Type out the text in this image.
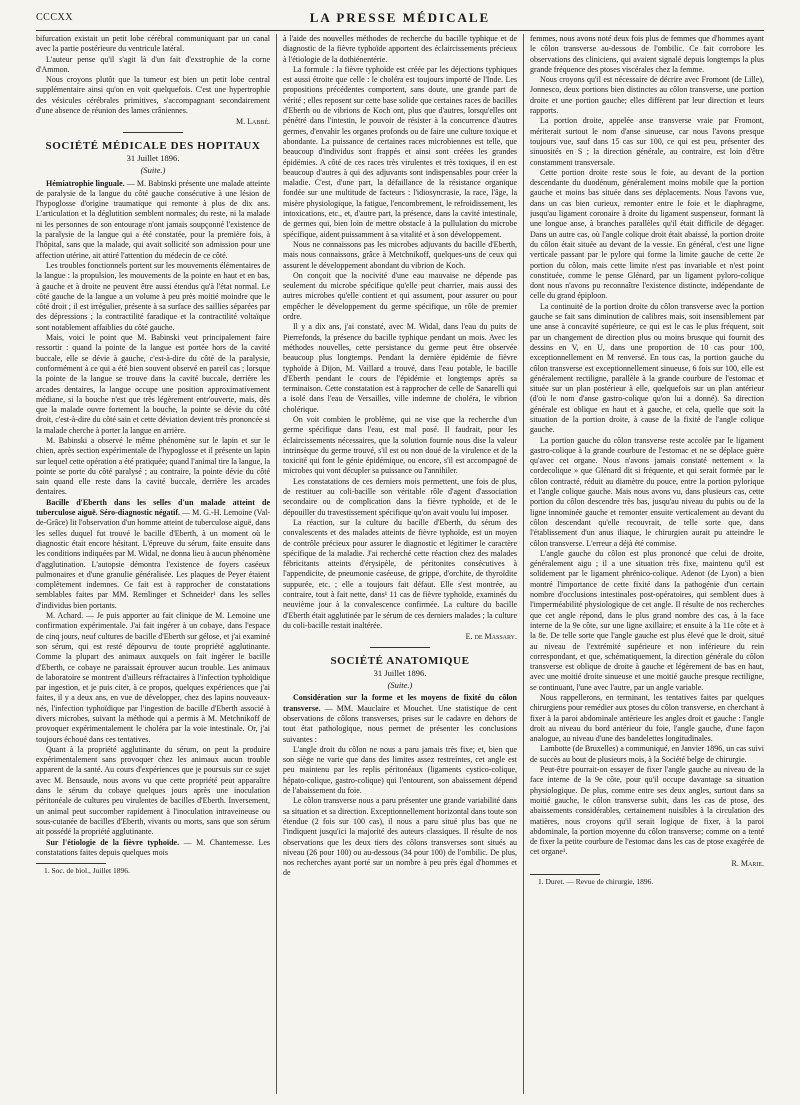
CCCXX	LA PRESSE MÉDICALE

bifurcation existait un petit lobe cérébral communiquant par un canal avec la partie postérieure du ventricule latéral.

L'auteur pense qu'il s'agit là d'un fait d'exstrophie de la corne d'Ammon.

Nous croyons plutôt que la tumeur est bien un petit lobe central supplémentaire ainsi qu'on en voit quelquefois. C'est une hypertrophie des vésicules cérébrales primitives, s'accompagnant secondairement d'une absence de réunion des lames crâniennes.

M. Labbé.
SOCIÉTÉ MÉDICALE DES HOPITAUX
31 Juillet 1896.
(Suite.)

Hémiatrophie linguale. — M. Babinski présente une malade atteinte de paralysie de la langue du côté gauche consécutive à une lésion de l'hypoglosse d'origine traumatique qui remonte à plus de dix ans. L'articulation et la déglutition semblent normales; du reste, ni la malade ni les personnes de son entourage n'ont jamais soupçonné l'existence de la paralysie de la langue qui a été constatée, pour la première fois, à l'hôpital, sans que la malade, qui avait sollicité son admission pour une affection utérine, ait attiré l'attention du médecin de ce côté.

Les troubles fonctionnels portent sur les mouvements élémentaires de la langue : la propulsion, les mouvements de la pointe en haut et en bas, à gauche et à droite ne peuvent être aussi étendus qu'à l'état normal. Le côté gauche de la langue a un volume à peu près moitié moindre que le côté droit ; il est irrégulier, présente à sa surface des saillies séparées par des dépressions ; la contractilité faradique et la contractilité voltaïque sont notablement affaiblies du côté gauche.

Mais, voici le point que M. Babinski veut principalement faire ressortir : quand la pointe de la langue est portée hors de la cavité buccale, elle se dévie à gauche, c'est-à-dire du côté de la paralysie, conformément à ce qui a été bien souvent observé en pareil cas ; lorsque la pointe de la langue se trouve dans la cavité buccale, derrière les arcades dentaires, la langue occupe une position approximativement médiane, si la bouche n'est que très légèrement entr'ouverte, mais, dès que la malade ouvre fortement la bouche, la pointe se dévie du côté droit, c'est-à-dire du côté sain et cette déviation devient très prononcée si la malade cherche à porter la langue en arrière.

M. Babinski a observé le même phénomène sur le lapin et sur le chien, après section expérimentale de l'hypoglosse et il présente un lapin sur lequel cette opération a été pratiquée; quand l'animal tire la langue, la pointe se porte du côté paralysé ; au contraire, la pointe dévie du côté sain quand elle reste dans la cavité buccale, derrière les arcades dentaires.

Bacille d'Eberth dans les selles d'un malade atteint de tuberculose aiguë. Séro-diagnostic négatif. — M. G.-H. Lemoine (Val-de-Grâce) lit l'observation d'un homme atteint de tuberculose aiguë, dans les selles duquel fut trouvé le bacille d'Eberth, à un moment où le diagnostic était encore hésitant. L'épreuve du sérum, faite ensuite dans les conditions indiquées par M. Widal, ne donna lieu à aucun phénomène d'agglutination. L'autopsie démontra l'existence de foyers caséeux pulmonaires et d'une granulie généralisée. Les plaques de Peyer étaient complètement indemnes. Ce fait est à rapprocher de constatations semblables faites par MM. Remlinger et Schneider¹ dans les selles d'individus bien portants.

M. Achard. — Je puis apporter au fait clinique de M. Lemoine une confirmation expérimentale. J'ai fait ingérer à un cobaye, dans l'espace de cinq jours, neuf cultures de bacille d'Eberth sur gélose, et j'ai examiné son sérum, qui est resté dépourvu de toute propriété agglutinante. Comme la plupart des animaux auxquels on fait ingérer le bacille d'Eberth, ce cobaye ne paraissait éprouver aucun trouble. Les animaux de laboratoire se montrent d'ailleurs réfractaires à l'infection typhoïdique par ingestion, et je puis citer, à ce propos, quelques expériences que j'ai faites, il y a deux ans, en vue de développer, chez des lapins nouveaux-nés, l'infection typhoïdique par l'ingestion de bacille d'Eberth associé à divers microbes, suivant la méthode qui a permis à M. Metchnikoff de provoquer expérimentalement le choléra par la voie intestinale. Or, j'ai toujours échoué dans ces tentatives.

Quant à la propriété agglutinante du sérum, on peut la produire expérimentalement sans provoquer chez les animaux aucun trouble apparent de la santé. Au cours d'expériences que je poursuis sur ce sujet avec M. Bensaude, nous avons vu que cette propriété peut apparaître dans le sérum du cobaye quelques jours après une inoculation péritonéale de cultures peu virulentes de bacilles d'Eberth. Inversement, un animal peut succomber rapidement à l'inoculation intraveineuse ou sous-cutanée de bacilles d'Eberth, vivants ou morts, sans que son sérum ait possédé la propriété agglutinante.

Sur l'étiologie de la fièvre typhoïde. — M. Chantemesse. Les constatations faites depuis quelques mois

1. Soc. de biol., Juillet 1896.

à l'aide des nouvelles méthodes de recherche du bacille typhique et de diagnostic de la fièvre typhoïde apportent des éclaircissements précieux à l'étiologie de la dothiénentérie.

La formule : la fièvre typhoïde est créée par les déjections typhiques est aussi étroite que celle : le choléra est toujours importé de l'Inde. Les propositions précédentes comportent, sans doute, une grande part de vérité ; elles reposent sur cette base solide que certaines races de bacilles d'Eberth ou de vibrions de Koch ont, plus que d'autres, lorsqu'elles ont pénétré dans l'intestin, le pouvoir de résister à la concurrence d'autres germes, d'envahir les organes profonds ou de faire une culture toxique et abondante. La puissance de certaines races microbiennes est telle, que beaucoup d'individus sont frappés et ainsi sont créées les grandes épidémies. A côté de ces races très virulentes et très toxiques, il en est beaucoup d'autres à qui des adjuvants sont indispensables pour créer la maladie. C'est, d'une part, la défaillance de la résistance organique fondée sur une multitude de facteurs : l'idiosyncrasie, la race, l'âge, la misère physiologique, la fatigue, l'encombrement, le refroidissement, les intoxications, etc., et, d'autre part, la présence, dans la cavité intestinale, de germes qui, bien loin de mettre obstacle à la pullulation du microbe spécifique, aident puissamment à sa vitalité et à son développement.

Nous ne connaissons pas les microbes adjuvants du bacille d'Eberth, mais nous connaissons, grâce à Metchnikoff, quelques-uns de ceux qui assurent le développement abondant du vibrion de Koch.

On conçoit que la nocivité d'une eau mauvaise ne dépende pas seulement du microbe spécifique qu'elle peut charrier, mais aussi des autres microbes qu'elle contient et qui assument, pour assurer ou pour empêcher le développement du germe spécifique, un rôle de premier ordre.

Il y a dix ans, j'ai constaté, avec M. Widal, dans l'eau du puits de Pierrefonds, la présence du bacille typhique pendant un mois. Avec les méthodes nouvelles, cette persistance du germe peut être observée beaucoup plus longtemps. Pendant la dernière épidémie de fièvre typhoïde à Dijon, M. Vaillard a trouvé, dans l'eau potable, le bacille d'Eberth pendant le cours de l'épidémie et longtemps après sa terminaison. Cette constatation est à rapprocher de celle de Sanarelli qui a isolé dans l'eau de Versailles, ville indemne de choléra, le vibrion cholérique.

On voit combien le problème, qui ne vise que la recherche d'un germe spécifique dans l'eau, est mal posé. Il faudrait, pour les éclaircissements nécessaires, que la solution fournie nous dise la valeur intrinsèque du germe trouvé, s'il est ou non doué de la virulence et de la toxicité qui font le génie épidémique, ou encore, s'il est accompagné de microbes qui vont décupler sa puissance ou l'annihiler.

Les constatations de ces derniers mois permettent, une fois de plus, de restituer au coli-bacille son véritable rôle d'agent d'association secondaire ou de complication dans la fièvre typhoïde, et de le dépouiller du travestissement spécifique qu'on avait voulu lui imposer.

La réaction, sur la culture du bacille d'Eberth, du sérum des convalescents et des malades atteints de fièvre typhoïde, est un moyen de contrôle précieux pour assurer le diagnostic et légitimer le caractère spécifique de la maladie. J'ai recherché cette réaction chez des malades fébricitants atteints d'érysipèle, de péritonites consécutives à l'appendicite, de pneumonie caséeuse, de grippe, d'orchite, de thyroïdite suppurée, etc. ; elle a toujours fait défaut. Elle s'est montrée, au contraire, tout à fait nette, dans¹ 11 cas de fièvre typhoïde, examinés du neuvième jour à la convalescence confirmée. La culture du bacille d'Eberth était agglutinée par le sérum de ces derniers malades ; la culture du coli-bacille restait inaltérée.

E. de Massary.
SOCIÉTÉ ANATOMIQUE
31 Juillet 1896.
(Suite.)

Considération sur la forme et les moyens de fixité du côlon transverse. — MM. Mauclaire et Mouchet. Une statistique de cent observations de côlons transverses, prises sur le cadavre en dehors de tout état pathologique, nous permet de présenter les conclusions suivantes :

L'angle droit du côlon ne nous a paru jamais très fixe; et, bien que son siège ne varie que dans des limites assez restreintes, cet angle est peu maintenu par les replis péritonéaux (ligaments cystico-colique, hépato-colique, gastro-colique) qui l'entourent, son abaissement dépend de l'abaissement du foie.

Le côlon transverse nous a paru présenter une grande variabilité dans sa situation et sa direction. Exceptionnellement horizontal dans toute son étendue (2 fois sur 100 cas), il nous a paru situé plus bas que ne l'indiquent jusqu'ici la majorité des auteurs classiques. Il résulte de nos observations que les deux tiers des côlons transverses sont situés au niveau (26 pour 100) ou au-dessous (34 pour 100) de l'ombilic. De plus, nos recherches ayant porté sur un nombre à peu près égal d'hommes et de

femmes, nous avons noté deux fois plus de femmes que d'hommes ayant le côlon transverse au-dessous de l'ombilic. Ce fait corrobore les observations des cliniciens, qui avaient signalé depuis longtemps la plus grande fréquence des ptoses viscérales chez la femme.

Nous croyons qu'il est nécessaire de décrire avec Fromont (de Lille), Jonnesco, deux portions bien distinctes au côlon transverse, une portion droite et une portion gauche; elles diffèrent par leur direction et leurs rapports.

La portion droite, appelée anse transverse vraie par Fromont, mériterait surtout le nom d'anse sinueuse, car nous l'avons presque toujours vue, sauf dans 15 cas sur 100, ce qui est peu, présenter des sinuosités en S ; la direction générale, au contraire, est loin d'être constamment transversale.

Cette portion droite reste sous le foie, au devant de la portion descendante du duodénum, généralement moins mobile que la portion gauche et moins bas située dans ses déplacements. Nous l'avons vue, dans un cas bien curieux, remonter entre le foie et le diaphragme, jusqu'au ligament coronaire à droite du ligament suspenseur, formant là une longue anse, à branches parallèles qu'il était difficile de dégager. Dans un autre cas, où l'angle colique droit était abaissé, la portion droite du côlon était située au devant de la vessie. En général, c'est une ligne verticale passant par le pylore qui forme la limite gauche de cette 2e portion du côlon, mais cette limite n'est pas invariable et n'est point constituée, comme le pense Glénard, par un ligament pyloro-colique dont nous n'avons pu reconnaître l'existence distincte, indépendante de celle du grand épiploon.

La continuité de la portion droite du côlon transverse avec la portion gauche se fait sans diminution de calibres mais, soit insensiblement par une anse à concavité supérieure, ce qui est le cas le plus fréquent, soit par un changement de direction plus ou moins brusque qui fournit des dessins en V, en U, dans une proportion de 10 cas pour 100, exceptionnellement en M renversé. En tous cas, la portion gauche du côlon transverse est exceptionnellement sinueuse, 6 fois sur 100, elle est généralement rectiligne, parallèle à la grande courbure de l'estomac et située sur un plan postérieur à elle, quelquefois sur un plan antérieur (d'où le nom d'anse gastro-colique qu'on lui a donné). Sa direction générale est oblique en haut et à gauche, et cela, quelle que soit la situation de la portion droite, à cause de la fixité de l'angle colique gauche.

La portion gauche du côlon transverse reste accolée par le ligament gastro-colique à la grande courbure de l'estomac et ne se déplace guère qu'avec cet organe. Nous n'avons jamais constaté nettement « la cordecolique » que Glénard dit si fréquente, et qui serait formée par le côlon contracté, réduit au diamètre du pouce, entre la portion pylorique et l'angle colique gauche. Mais nous avons vu, dans plusieurs cas, cette portion du côlon descendre très bas, jusqu'au niveau du pubis ou de la ligne innominée gauche et remonter ensuite verticalement au devant du côlon descendant qu'elle recouvrait, de telle sorte que, dans l'établissement d'un anus iliaque, le chirurgien aurait pu atteindre le côlon transverse. L'erreur a déjà été commise.

L'angle gauche du côlon est plus prononcé que celui de droite, généralement aigu ; il a une situation très fixe, maintenu qu'il est solidement par le ligament phrénico-colique. Adenot (de Lyon) a bien montré l'importance de cette fixité dans la pathogénie d'un certain nombre d'occlusions intestinales post-opératoires, qui semblent dues à l'imperméabilité physiologique de cet angle. Il résulte de nos recherches que cet angle répond, dans le plus grand nombre des cas, à la face interne de la 9e côte, sur une ligne axillaire; et ensuite à la 11e côte et à la 8e. De telle sorte que l'angle gauche est plus élevé que le droit, situé au niveau de l'extrémité supérieure et non inférieure du rein correspondant, et que, schématiquement, la direction générale du côlon transverse est oblique de droite à gauche et légèrement de bas en haut, avec une moitié droite sinueuse et une moitié gauche presque rectiligne, se continuant, l'une avec l'autre, par un angle variable.

Nous rappellerons, en terminant, les tentatives faites par quelques chirurgiens pour remédier aux ptoses du côlon transverse, en cherchant à fixer à la paroi abdominale antérieure les angles droit et gauche : l'angle droit au niveau du bord antérieur du foie, l'angle gauche, d'une façon analogue, au niveau d'une des bandelettes longitudinales.

Lambotte (de Bruxelles) a communiqué, en Janvier 1896, un cas suivi de succès au bout de plusieurs mois, à la Société belge de chirurgie.

Peut-être pourrait-on essayer de fixer l'angle gauche au niveau de la face interne de la 9e côte, pour qu'il occupe davantage sa situation physiologique. De plus, comme entre ses deux angles, surtout dans sa moitié gauche, le côlon transverse subit, dans les cas de ptose, des abaissements considérables, certainement nuisibles à la circulation des matières, nous croyons qu'il serait logique de fixer, à la paroi abdominale, la portion moyenne du côlon transverse; comme on a tenté de fixer la petite courbure de l'estomac dans les cas de ptose exagérée de cet organe¹.

R. Marie.

1. Duret. — Revue de chirurgie, 1896.
